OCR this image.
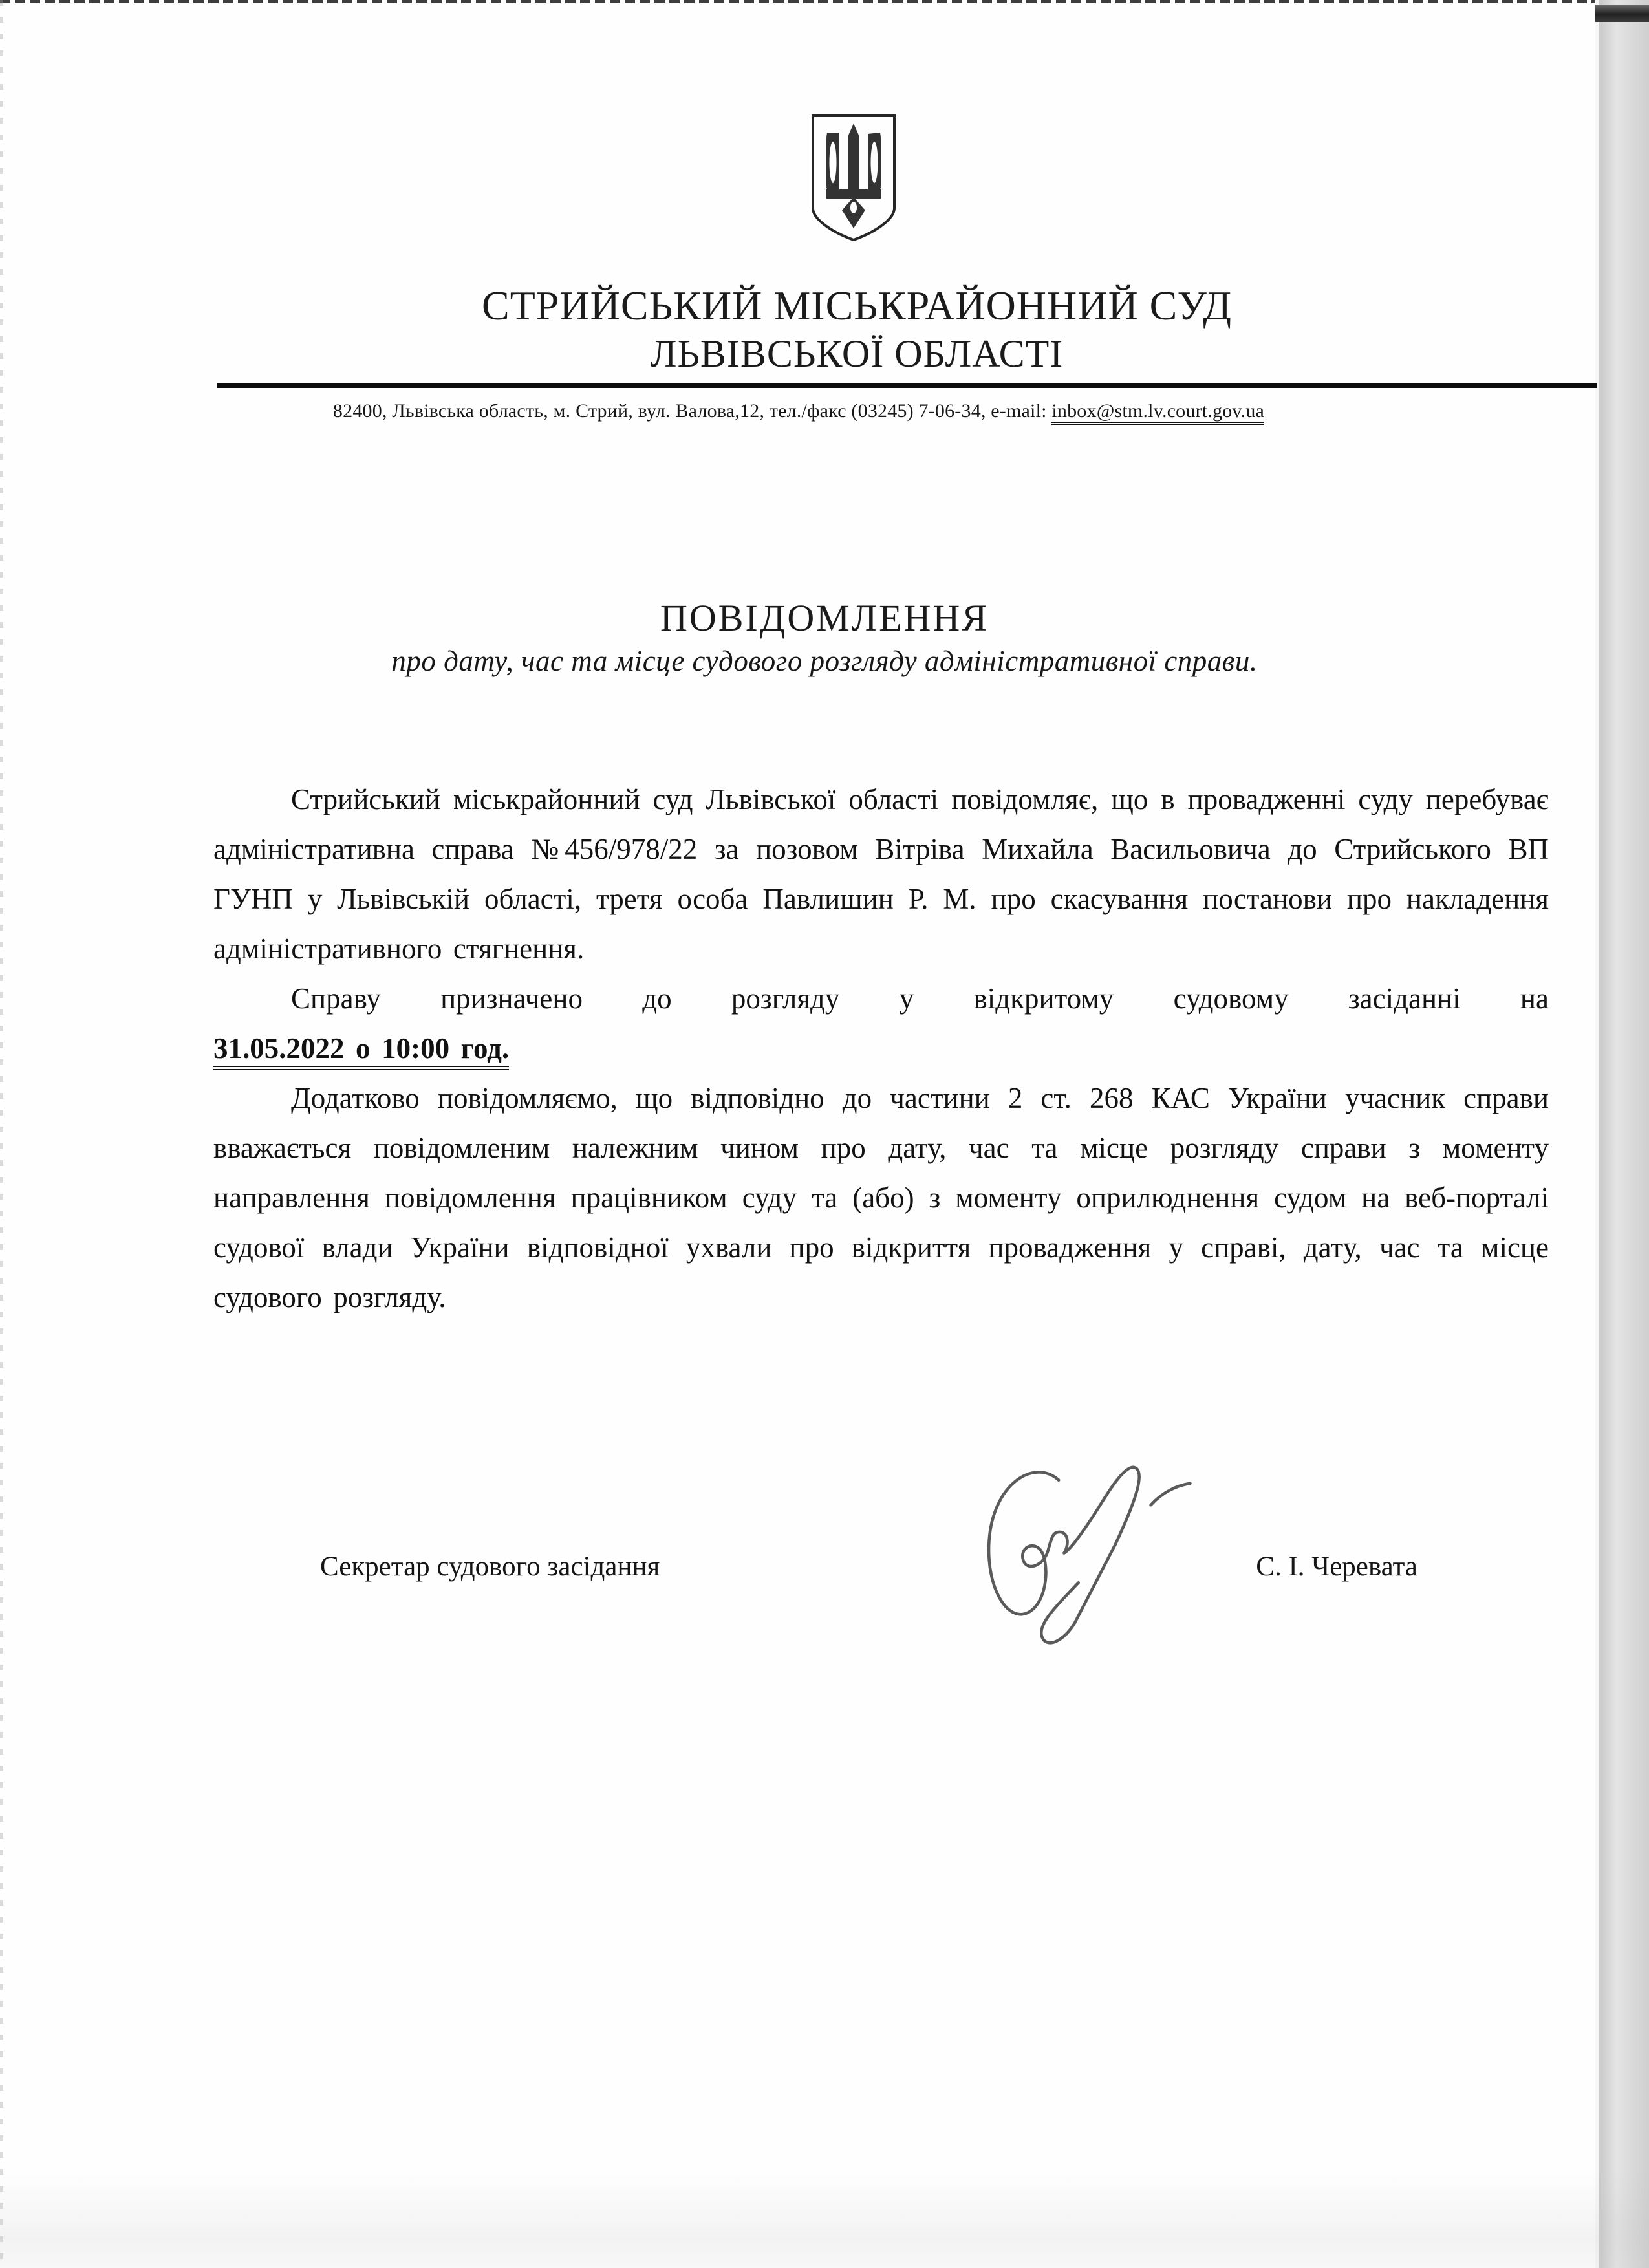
СТРИЙСЬКИЙ МІСЬКРАЙОННИЙ СУД
ЛЬВІВСЬКОЇ ОБЛАСТІ
82400, Львівська область, м. Стрий, вул. Валова,12, тел./факс (03245) 7-06-34, e-mail: inbox@stm.lv.court.gov.ua
ПОВІДОМЛЕННЯ
про дату, час та місце судового розгляду адміністративної справи.

Стрийський міськрайонний суд Львівської області повідомляє, що в провадженні суду перебуває адміністративна справа №456/978/22 за позовом Вітріва Михайла Васильовича до Стрийського ВП ГУНП у Львівській області, третя особа Павлишин Р. М. про скасування постанови про накладення адміністративного стягнення.

Справу призначено до розгляду у відкритому судовому засіданні на
31.05.2022 о 10:00 год.

Додатково повідомляємо, що відповідно до частини 2 ст. 268 КАС України учасник справи вважається повідомленим належним чином про дату, час та місце розгляду справи з моменту направлення повідомлення працівником суду та (або) з моменту оприлюднення судом на веб-порталі судової влади України відповідної ухвали про відкриття провадження у справі, дату, час та місце судового розгляду.

Секретар судового засідання	С. І. Черевата
